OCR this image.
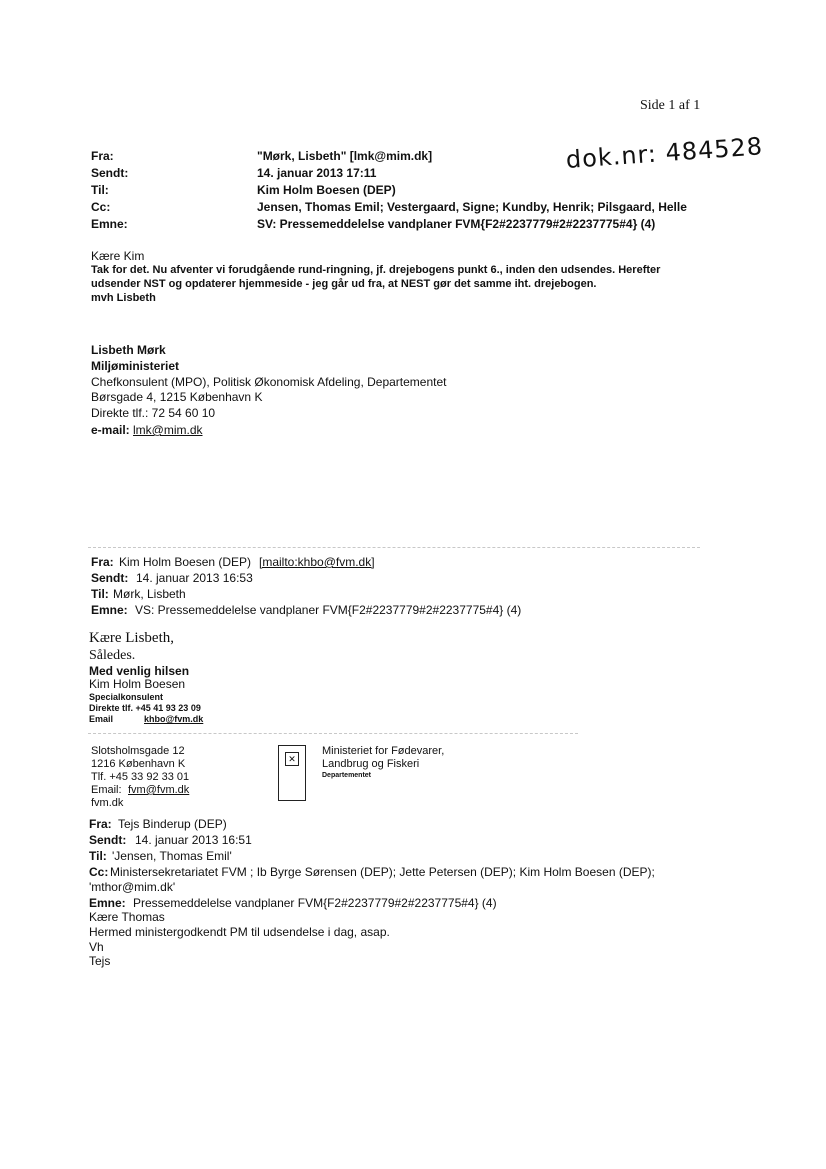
Side 1 af 1
dok.nr: 484528
Fra:	"Mørk, Lisbeth" [lmk@mim.dk]
Sendt:	14. januar 2013 17:11
Til:	Kim Holm Boesen (DEP)
Cc:	Jensen, Thomas Emil; Vestergaard, Signe; Kundby, Henrik; Pilsgaard, Helle
Emne:	SV: Pressemeddelelse vandplaner FVM{F2#2237779#2#2237775#4} (4)
Kære Kim
Tak for det. Nu afventer vi forudgående rund-ringning, jf. drejebogens punkt 6., inden den udsendes. Herefter
udsender NST og opdaterer hjemmeside - jeg går ud fra, at NEST gør det samme iht. drejebogen.
mvh Lisbeth
Lisbeth Mørk
Miljøministeriet
Chefkonsulent (MPO), Politisk Økonomisk Afdeling, Departementet
Børsgade 4, 1215 København K
Direkte tlf.: 72 54 60 10
e-mail: lmk@mim.dk
Fra: Kim Holm Boesen (DEP) [mailto:khbo@fvm.dk]
Sendt: 14. januar 2013 16:53
Til: Mørk, Lisbeth
Emne: VS: Pressemeddelelse vandplaner FVM{F2#2237779#2#2237775#4} (4)
Kære Lisbeth,
Således.
Med venlig hilsen
Kim Holm Boesen
Specialkonsulent
Direkte tlf. +45 41 93 23 09
Email	khbo@fvm.dk
Slotsholmsgade 12
1216 København K
Tlf. +45 33 92 33 01
Email: fvm@fvm.dk
fvm.dk
✕
Ministeriet for Fødevarer,
Landbrug og Fiskeri
Departementet
Fra: Tejs Binderup (DEP)
Sendt: 14. januar 2013 16:51
Til: 'Jensen, Thomas Emil'
Cc: Ministersekretariatet FVM ; Ib Byrge Sørensen (DEP); Jette Petersen (DEP); Kim Holm Boesen (DEP);
'mthor@mim.dk'
Emne: Pressemeddelelse vandplaner FVM{F2#2237779#2#2237775#4} (4)
Kære Thomas
Hermed ministergodkendt PM til udsendelse i dag, asap.
Vh
Tejs
